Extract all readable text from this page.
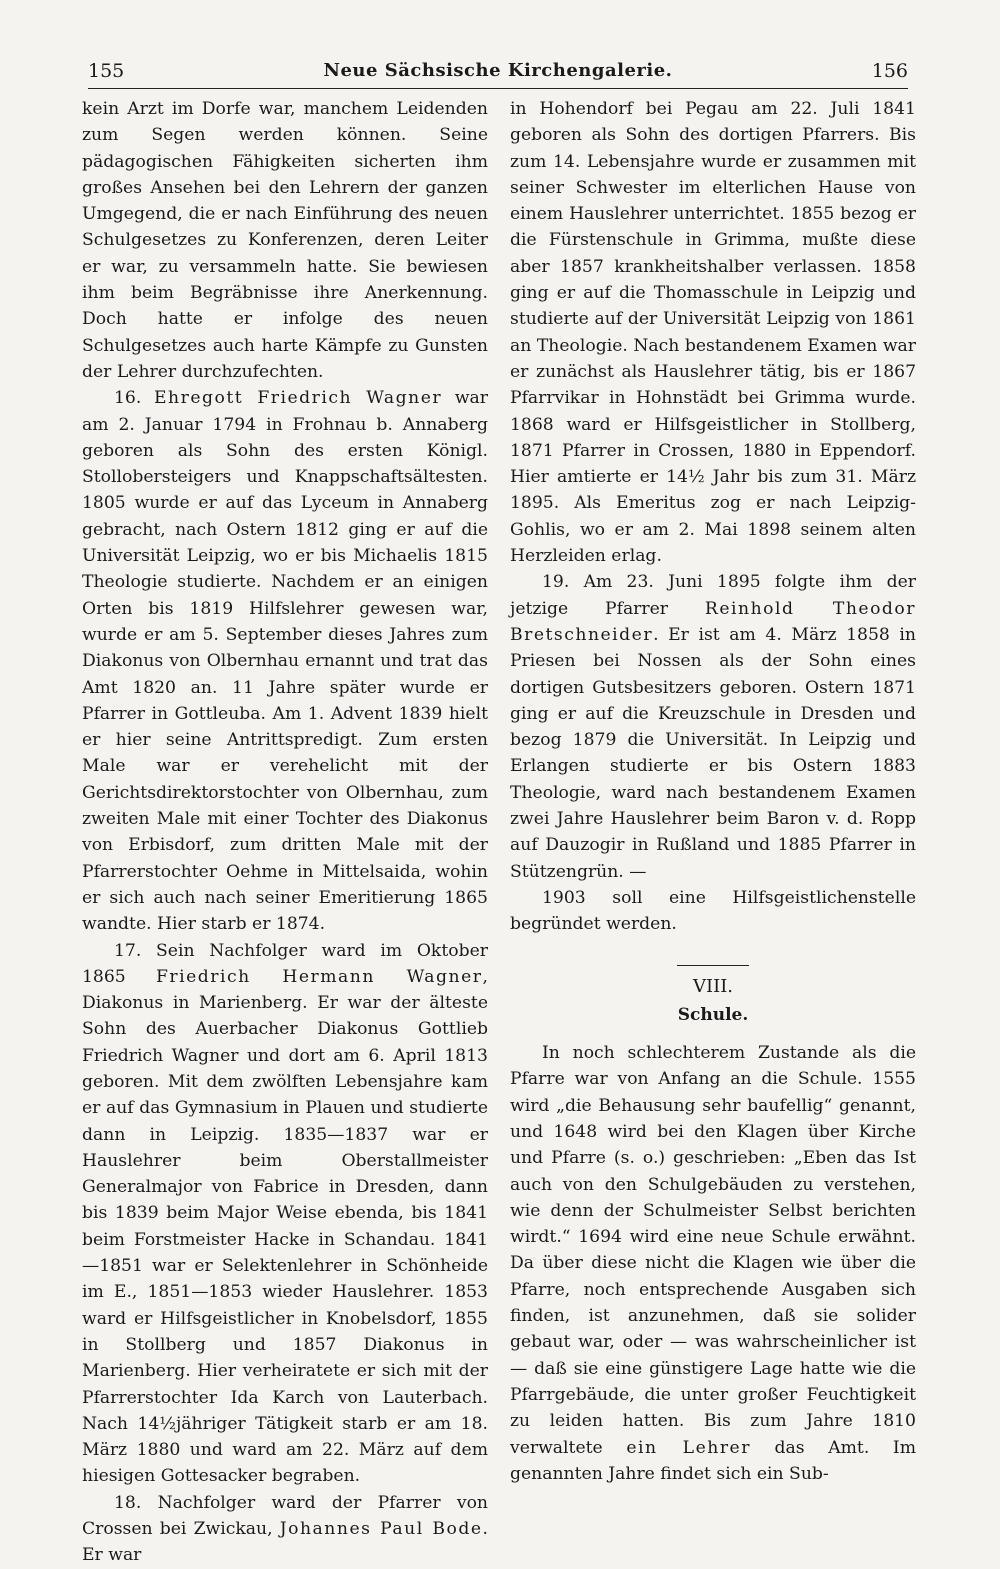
155	Neue Sächsische Kirchengalerie.	156

kein Arzt im Dorfe war, manchem Leidenden zum Segen werden können. Seine pädagogischen Fähigkeiten sicherten ihm großes Ansehen bei den Lehrern der ganzen Umgegend, die er nach Einführung des neuen Schulgesetzes zu Konferenzen, deren Leiter er war, zu versammeln hatte. Sie bewiesen ihm beim Begräbnisse ihre Anerkennung. Doch hatte er infolge des neuen Schulgesetzes auch harte Kämpfe zu Gunsten der Lehrer durchzufechten.

16. Ehregott Friedrich Wagner war am 2. Januar 1794 in Frohnau b. Annaberg geboren als Sohn des ersten Königl. Stollobersteigers und Knappschaftsältesten. 1805 wurde er auf das Lyceum in Annaberg gebracht, nach Ostern 1812 ging er auf die Universität Leipzig, wo er bis Michaelis 1815 Theologie studierte. Nachdem er an einigen Orten bis 1819 Hilfslehrer gewesen war, wurde er am 5. September dieses Jahres zum Diakonus von Olbernhau ernannt und trat das Amt 1820 an. 11 Jahre später wurde er Pfarrer in Gottleuba. Am 1. Advent 1839 hielt er hier seine Antrittspredigt. Zum ersten Male war er verehelicht mit der Gerichtsdirektorstochter von Olbernhau, zum zweiten Male mit einer Tochter des Diakonus von Erbisdorf, zum dritten Male mit der Pfarrerstochter Oehme in Mittelsaida, wohin er sich auch nach seiner Emeritierung 1865 wandte. Hier starb er 1874.

17. Sein Nachfolger ward im Oktober 1865 Friedrich Hermann Wagner, Diakonus in Marienberg. Er war der älteste Sohn des Auerbacher Diakonus Gottlieb Friedrich Wagner und dort am 6. April 1813 geboren. Mit dem zwölften Lebensjahre kam er auf das Gymnasium in Plauen und studierte dann in Leipzig. 1835—1837 war er Hauslehrer beim Oberstallmeister Generalmajor von Fabrice in Dresden, dann bis 1839 beim Major Weise ebenda, bis 1841 beim Forstmeister Hacke in Schandau. 1841—1851 war er Selektenlehrer in Schönheide im E., 1851—1853 wieder Hauslehrer. 1853 ward er Hilfsgeistlicher in Knobelsdorf, 1855 in Stollberg und 1857 Diakonus in Marienberg. Hier verheiratete er sich mit der Pfarrerstochter Ida Karch von Lauterbach. Nach 14½jähriger Tätigkeit starb er am 18. März 1880 und ward am 22. März auf dem hiesigen Gottesacker begraben.

18. Nachfolger ward der Pfarrer von Crossen bei Zwickau, Johannes Paul Bode. Er war

in Hohendorf bei Pegau am 22. Juli 1841 geboren als Sohn des dortigen Pfarrers. Bis zum 14. Lebensjahre wurde er zusammen mit seiner Schwester im elterlichen Hause von einem Hauslehrer unterrichtet. 1855 bezog er die Fürstenschule in Grimma, mußte diese aber 1857 krankheitshalber verlassen. 1858 ging er auf die Thomasschule in Leipzig und studierte auf der Universität Leipzig von 1861 an Theologie. Nach bestandenem Examen war er zunächst als Hauslehrer tätig, bis er 1867 Pfarrvikar in Hohnstädt bei Grimma wurde. 1868 ward er Hilfsgeistlicher in Stollberg, 1871 Pfarrer in Crossen, 1880 in Eppendorf. Hier amtierte er 14½ Jahr bis zum 31. März 1895. Als Emeritus zog er nach Leipzig-Gohlis, wo er am 2. Mai 1898 seinem alten Herzleiden erlag.

19. Am 23. Juni 1895 folgte ihm der jetzige Pfarrer Reinhold Theodor Bretschneider. Er ist am 4. März 1858 in Priesen bei Nossen als der Sohn eines dortigen Gutsbesitzers geboren. Ostern 1871 ging er auf die Kreuzschule in Dresden und bezog 1879 die Universität. In Leipzig und Erlangen studierte er bis Ostern 1883 Theologie, ward nach bestandenem Examen zwei Jahre Hauslehrer beim Baron v. d. Ropp auf Dauzogir in Rußland und 1885 Pfarrer in Stützengrün. —

1903 soll eine Hilfsgeistlichenstelle begründet werden.

VIII.
Schule.

In noch schlechterem Zustande als die Pfarre war von Anfang an die Schule. 1555 wird „die Behausung sehr baufellig“ genannt, und 1648 wird bei den Klagen über Kirche und Pfarre (s. o.) geschrieben: „Eben das Ist auch von den Schulgebäuden zu verstehen, wie denn der Schulmeister Selbst berichten wirdt.“ 1694 wird eine neue Schule erwähnt. Da über diese nicht die Klagen wie über die Pfarre, noch entsprechende Ausgaben sich finden, ist anzunehmen, daß sie solider gebaut war, oder — was wahrscheinlicher ist — daß sie eine günstigere Lage hatte wie die Pfarrgebäude, die unter großer Feuchtigkeit zu leiden hatten. Bis zum Jahre 1810 verwaltete ein Lehrer das Amt. Im genannten Jahre findet sich ein Sub-
